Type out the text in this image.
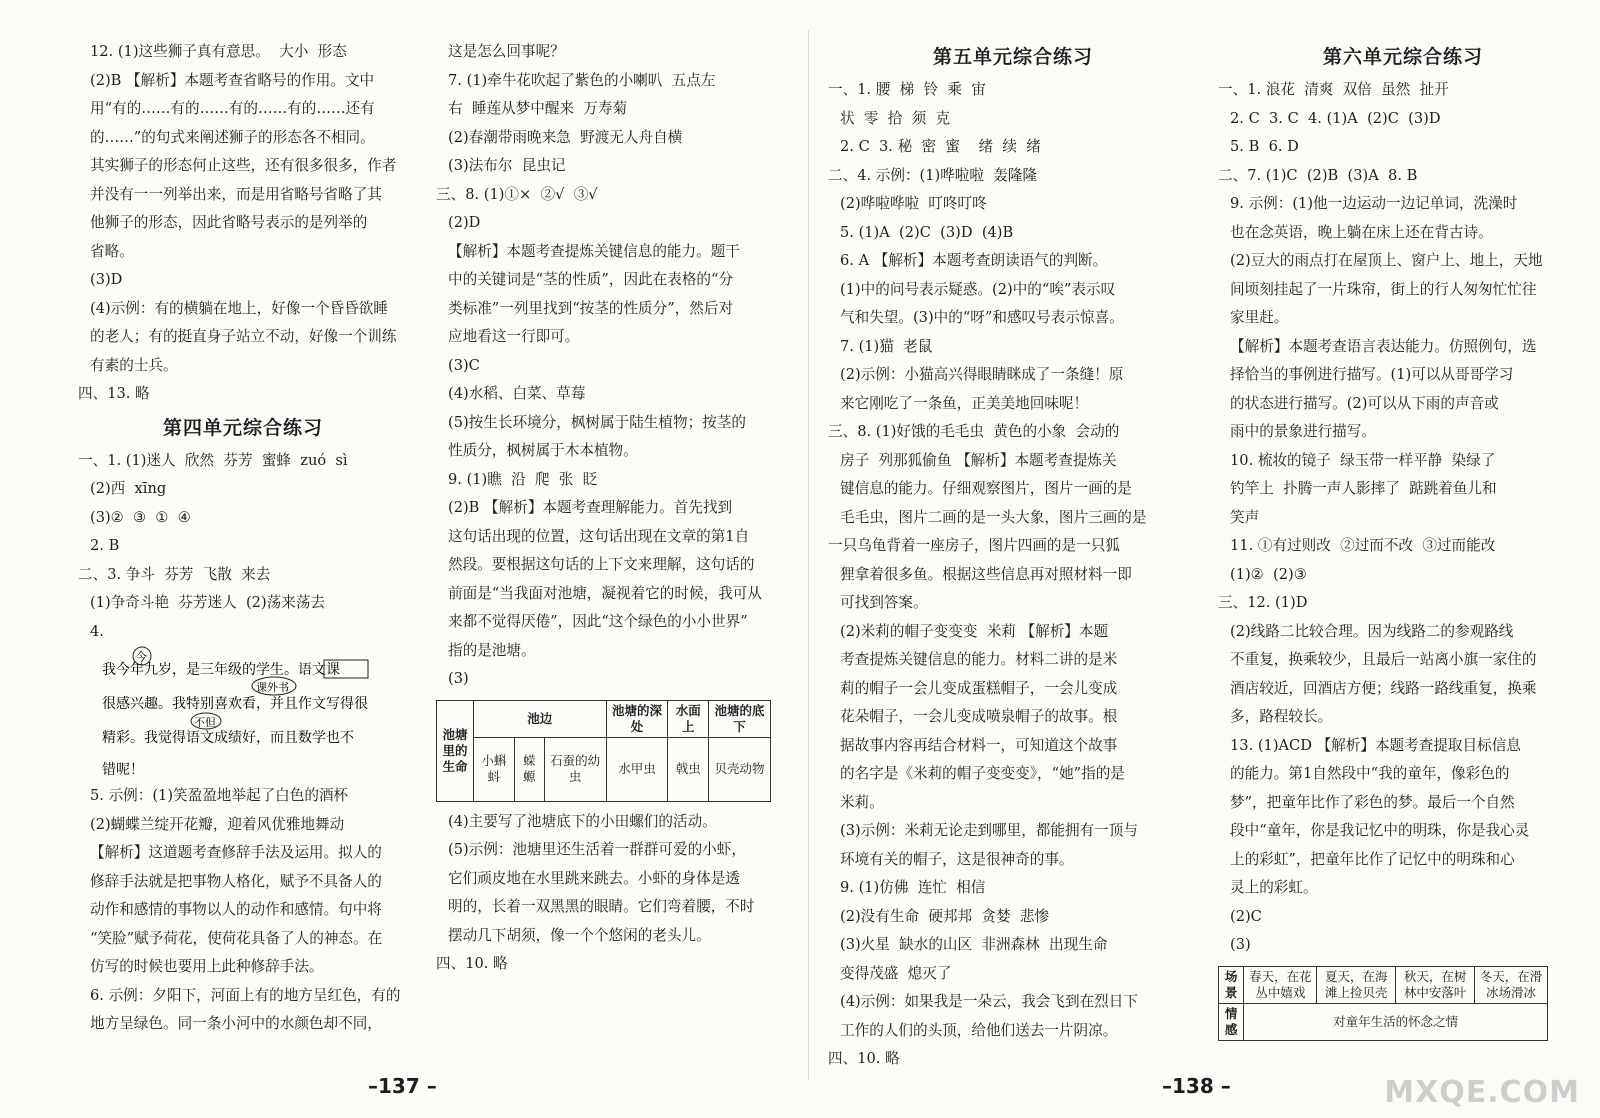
12. (1)这些狮子真有意思。  大小  形态

(2)B 【解析】本题考查省略号的作用。文中

用“有的……有的……有的……有的……还有

的……”的句式来阐述狮子的形态各不相同。

其实狮子的形态何止这些，还有很多很多，作者

并没有一一列举出来，而是用省略号省略了其

他狮子的形态，因此省略号表示的是列举的

省略。

(3)D

(4)示例：有的横躺在地上，好像一个昏昏欲睡

的老人；有的挺直身子站立不动，好像一个训练

有素的士兵。

四、13. 略

第四单元综合练习

一、1. (1)迷人  欣然  芬芳  蜜蜂  zuó  sì

(2)西  xīng

(3)②  ③  ①  ④

2. B

二、3. 争斗  芬芳  飞散  来去

(1)争奇斗艳  芬芳迷人  (2)荡来荡去

4.

我今年九岁，是三年级的学生。语文课
很感兴趣。我特别喜欢看，并且作文写得很
精彩。我觉得语文成绩好，而且数学也不
错呢！
今
课外书
不但

5. 示例：(1)笑盈盈地举起了白色的酒杯

(2)蝴蝶兰绽开花瓣，迎着风优雅地舞动

【解析】这道题考查修辞手法及运用。拟人的

修辞手法就是把事物人格化，赋予不具备人的

动作和感情的事物以人的动作和感情。句中将

“笑脸”赋予荷花，使荷花具备了人的神态。在

仿写的时候也要用上此种修辞手法。

6. 示例：夕阳下，河面上有的地方呈红色，有的

地方呈绿色。同一条小河中的水颜色却不同，

这是怎么回事呢？

7. (1)牵牛花吹起了紫色的小喇叭  五点左

右  睡莲从梦中醒来  万寿菊

(2)春潮带雨晚来急  野渡无人舟自横

(3)法布尔  昆虫记

三、8. (1)①×  ②√  ③√

(2)D

【解析】本题考查提炼关键信息的能力。题干

中的关键词是“茎的性质”，因此在表格的“分

类标准”一列里找到“按茎的性质分”，然后对

应地看这一行即可。

(3)C

(4)水稻、白菜、草莓

(5)按生长环境分，枫树属于陆生植物；按茎的

性质分，枫树属于木本植物。

9. (1)瞧  沿  爬  张  眨

(2)B 【解析】本题考查理解能力。首先找到

这句话出现的位置，这句话出现在文章的第1自

然段。要根据这句话的上下文来理解，这句话的

前面是“当我面对池塘，凝视着它的时候，我可从

来都不觉得厌倦”，因此“这个绿色的小小世界”

指的是池塘。

(3)

池塘里的生命	池边			池塘的深处	水面上	池塘的底下
	小蝌蚪	蝾螈	石蚕的幼虫	水甲虫	戟虫	贝壳动物

(4)主要写了池塘底下的小田螺们的活动。

(5)示例：池塘里还生活着一群群可爱的小虾，

它们顽皮地在水里跳来跳去。小虾的身体是透

明的，长着一双黑黑的眼睛。它们弯着腰，不时

摆动几下胡须，像一个个悠闲的老头儿。

四、10. 略

第五单元综合练习

一、1. 腰  梯  铃  乘  宙

状  零  拾  须  克

2. C  3. 秘  密  蜜    绪  续  绪

二、4. 示例：(1)哗啦啦  轰隆隆

(2)哗啦哗啦  叮咚叮咚

5. (1)A  (2)C  (3)D  (4)B

6. A 【解析】本题考查朗读语气的判断。

(1)中的问号表示疑惑。(2)中的“唉”表示叹

气和失望。(3)中的“呀”和感叹号表示惊喜。

7. (1)猫  老鼠

(2)示例：小猫高兴得眼睛眯成了一条缝！原

来它刚吃了一条鱼，正美美地回味呢！

三、8. (1)好饿的毛毛虫  黄色的小象  会动的

房子  列那狐偷鱼 【解析】本题考查提炼关

键信息的能力。仔细观察图片，图片一画的是

毛毛虫，图片二画的是一头大象，图片三画的是

一只乌龟背着一座房子，图片四画的是一只狐

狸拿着很多鱼。根据这些信息再对照材料一即

可找到答案。

(2)米莉的帽子变变变  米莉 【解析】本题

考查提炼关键信息的能力。材料二讲的是米

莉的帽子一会儿变成蛋糕帽子，一会儿变成

花朵帽子，一会儿变成喷泉帽子的故事。根

据故事内容再结合材料一，可知道这个故事

的名字是《米莉的帽子变变变》，“她”指的是

米莉。

(3)示例：米莉无论走到哪里，都能拥有一顶与

环境有关的帽子，这是很神奇的事。

9. (1)仿佛  连忙  相信

(2)没有生命  硬邦邦  贪婪  悲惨

(3)火星  缺水的山区  非洲森林  出现生命

变得茂盛  熄灭了

(4)示例：如果我是一朵云，我会飞到在烈日下

工作的人们的头顶，给他们送去一片阴凉。

四、10. 略

第六单元综合练习

一、1. 浪花  清爽  双倍  虽然  扯开

2. C  3. C  4. (1)A  (2)C  (3)D

5. B  6. D

二、7. (1)C  (2)B  (3)A  8. B

9. 示例：(1)他一边运动一边记单词，洗澡时

也在念英语，晚上躺在床上还在背古诗。

(2)豆大的雨点打在屋顶上、窗户上、地上，天地

间顷刻挂起了一片珠帘，街上的行人匆匆忙忙往

家里赶。

【解析】本题考查语言表达能力。仿照例句，选

择恰当的事例进行描写。(1)可以从哥哥学习

的状态进行描写。(2)可以从下雨的声音或

雨中的景象进行描写。

10. 梳妆的镜子  绿玉带一样平静  染绿了

钓竿上  扑腾一声人影摔了  踮跳着鱼儿和

笑声

11. ①有过则改  ②过而不改  ③过而能改

(1)②  (2)③

三、12. (1)D

(2)线路二比较合理。因为线路二的参观路线

不重复，换乘较少，且最后一站离小旗一家住的

酒店较近，回酒店方便；线路一路线重复，换乘

多，路程较长。

13. (1)ACD 【解析】本题考查提取目标信息

的能力。第1自然段中“我的童年，像彩色的

梦”，把童年比作了彩色的梦。最后一个自然

段中“童年，你是我记忆中的明珠，你是我心灵

上的彩虹”，把童年比作了记忆中的明珠和心

灵上的彩虹。

(2)C

(3)

场景	春天，在花丛中嬉戏	夏天，在海滩上捡贝壳	秋天，在树林中安落叶	冬天，在滑冰场滑冰
情感	对童年生活的怀念之情			
–137 –	–138 –	MXQE.COM
